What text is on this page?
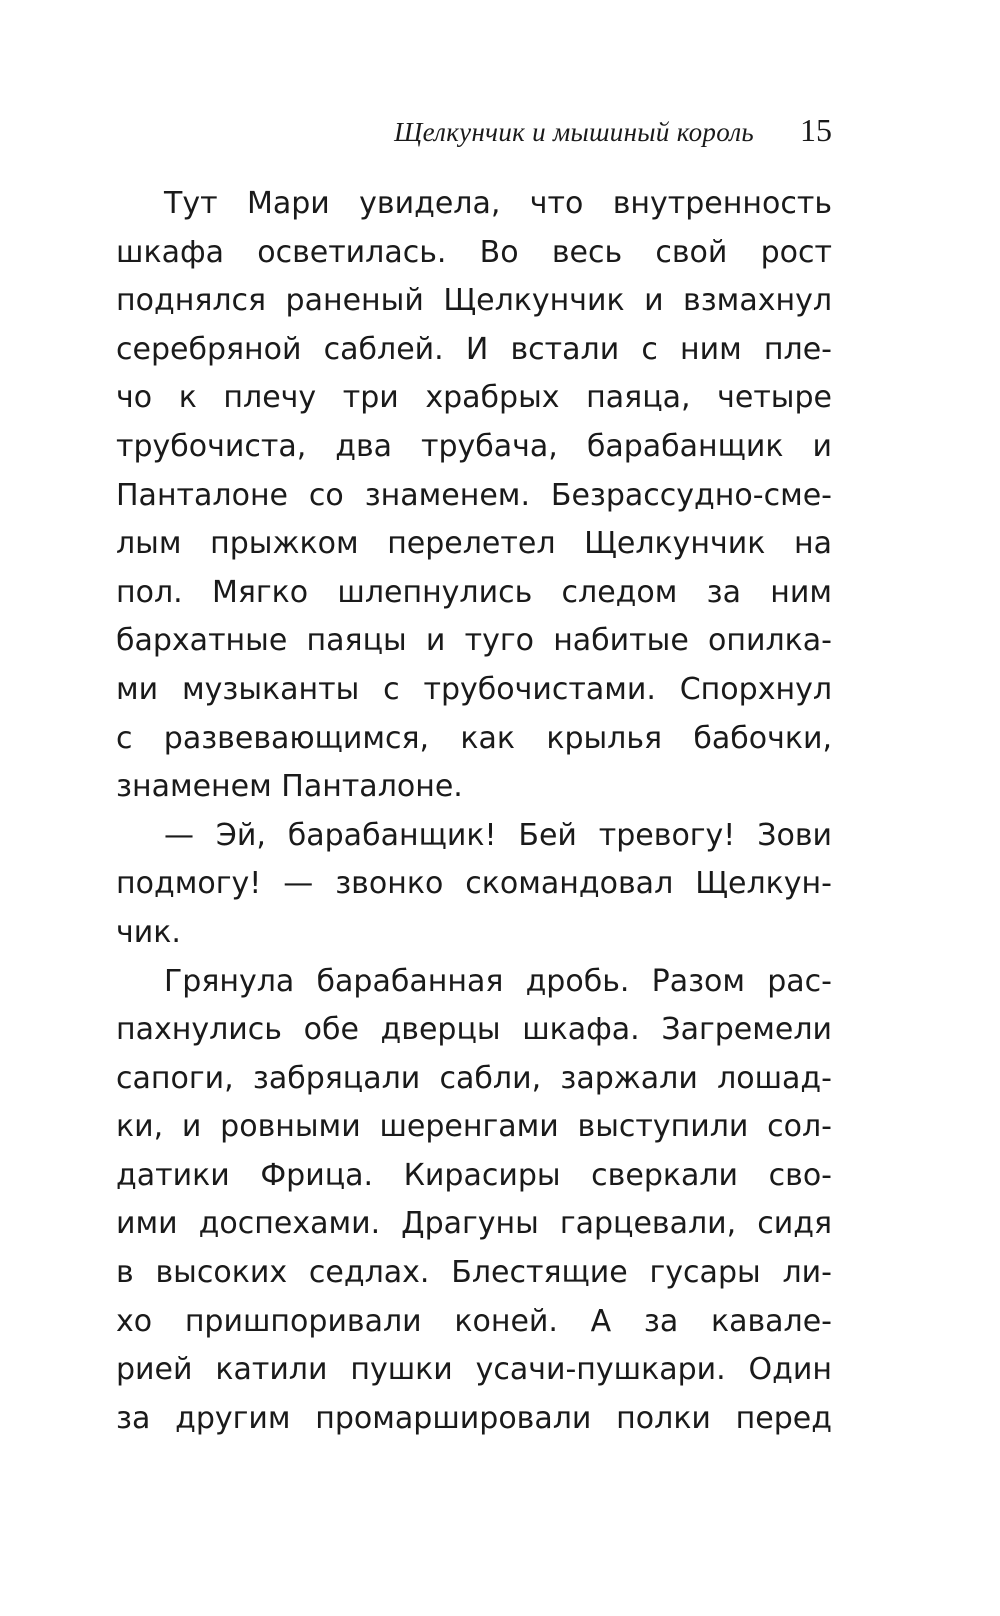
Щелкунчик и мышиный король 15
Тут Мари увидела, что внутренность
шкафа осветилась. Во весь свой рост
поднялся раненый Щелкунчик и взмахнул
серебряной саблей. И встали с ним пле-
чо к плечу три храбрых паяца, четыре
трубочиста, два трубача, барабанщик и
Панталоне со знаменем. Безрассудно-сме-
лым прыжком перелетел Щелкунчик на
пол. Мягко шлепнулись следом за ним
бархатные паяцы и туго набитые опилка-
ми музыканты с трубочистами. Спорхнул
с развевающимся, как крылья бабочки,
знаменем Панталоне.
— Эй, барабанщик! Бей тревогу! Зови
подмогу! — звонко скомандовал Щелкун-
чик.
Грянула барабанная дробь. Разом рас-
пахнулись обе дверцы шкафа. Загремели
сапоги, забряцали сабли, заржали лошад-
ки, и ровными шеренгами выступили сол-
датики Фрица. Кирасиры сверкали сво-
ими доспехами. Драгуны гарцевали, сидя
в высоких седлах. Блестящие гусары ли-
хо пришпоривали коней. А за кавале-
рией катили пушки усачи-пушкари. Один
за другим промаршировали полки перед
